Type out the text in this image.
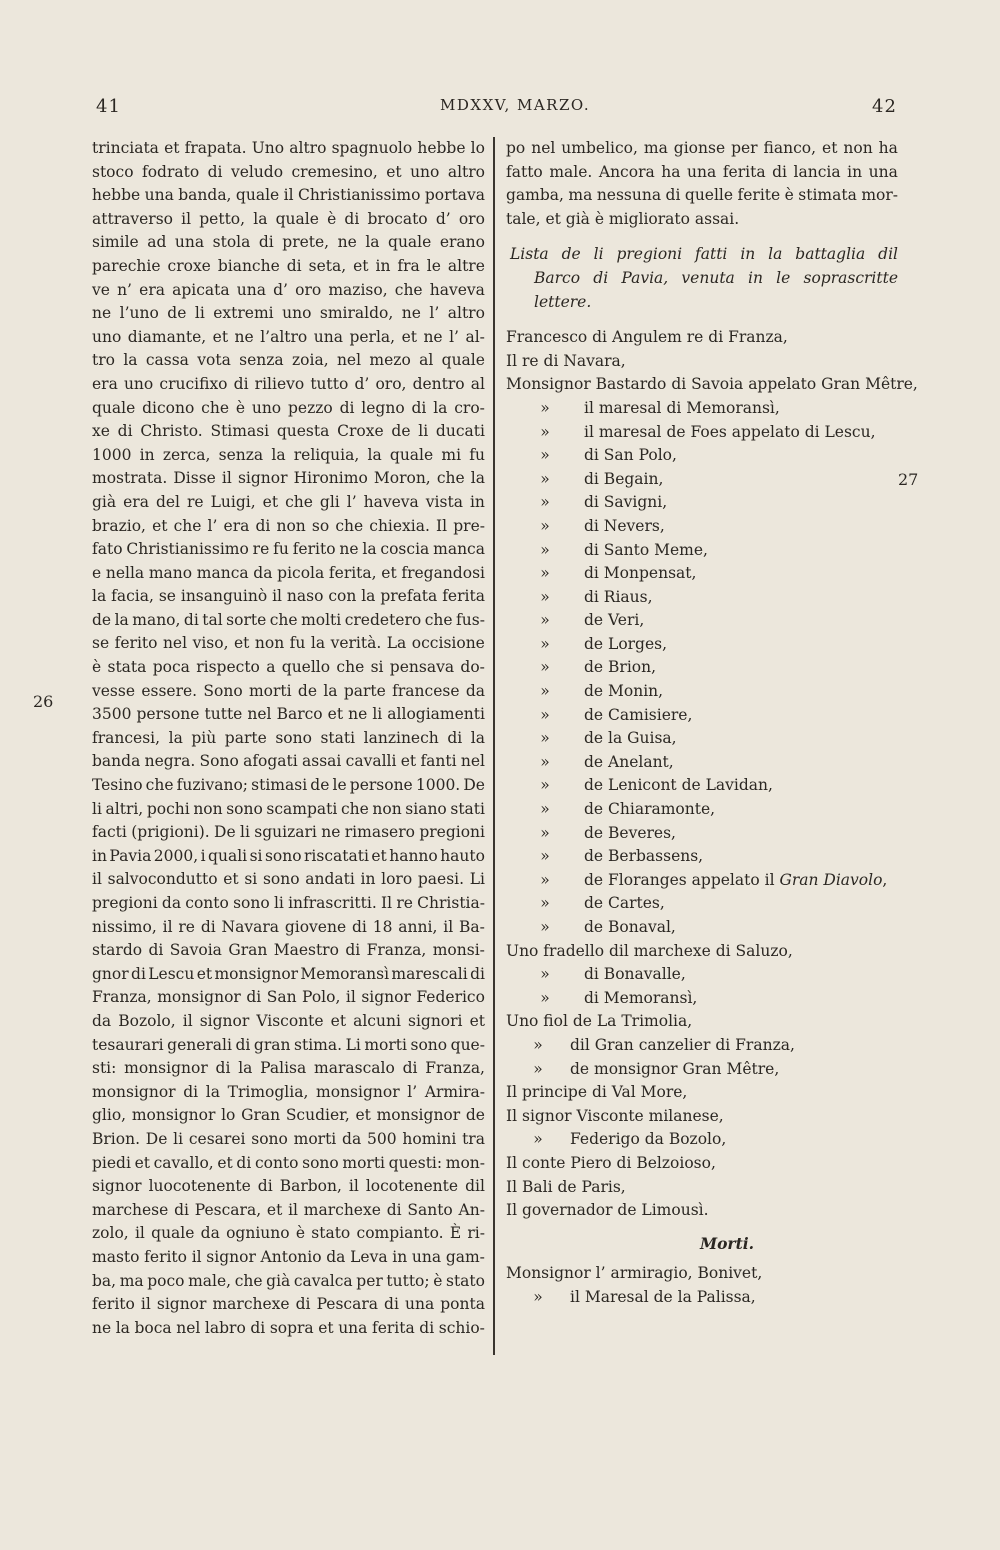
41	MDXXV, MARZO.	42
26
27
trinciata et frapata. Uno altro spagnuolo hebbe lo
stoco fodrato di veludo cremesino, et uno altro
hebbe una banda, quale il Christianissimo portava
attraverso il petto, la quale è di brocato d’ oro
simile ad una stola di prete, ne la quale erano
parechie croxe bianche di seta, et in fra le altre
ve n’ era apicata una d’ oro maziso, che haveva
ne l’uno de li extremi uno smiraldo, ne l’ altro
uno diamante, et ne l’altro una perla, et ne l’ al-
tro la cassa vota senza zoia, nel mezo al quale
era uno crucifixo di rilievo tutto d’ oro, dentro al
quale dicono che è uno pezzo di legno di la cro-
xe di Christo. Stimasi questa Croxe de li ducati
1000 in zerca, senza la reliquia, la quale mi fu
mostrata. Disse il signor Hironimo Moron, che la
già era del re Luigi, et che gli l’ haveva vista in
brazio, et che l’ era di non so che chiexia. Il pre-
fato Christianissimo re fu ferito ne la coscia manca
e nella mano manca da picola ferita, et fregandosi
la facia, se insanguinò il naso con la prefata ferita
de la mano, di tal sorte che molti credetero che fus-
se ferito nel viso, et non fu la verità. La occisione
è stata poca rispecto a quello che si pensava do-
vesse essere. Sono morti de la parte francese da
3500 persone tutte nel Barco et ne li allogiamenti
francesi, la più parte sono stati lanzinech di la
banda negra. Sono afogati assai cavalli et fanti nel
Tesino che fuzivano; stimasi de le persone 1000. De
li altri, pochi non sono scampati che non siano stati
facti (prigioni). De li sguizari ne rimasero pregioni
in Pavia 2000, i quali si sono riscatati et hanno hauto
il salvocondutto et si sono andati in loro paesi. Li
pregioni da conto sono li infrascritti. Il re Christia-
nissimo, il re di Navara giovene di 18 anni, il Ba-
stardo di Savoia Gran Maestro di Franza, monsi-
gnor di Lescu et monsignor Memoransì marescali di
Franza, monsignor di San Polo, il signor Federico
da Bozolo, il signor Visconte et alcuni signori et
tesaurari generali di gran stima. Li morti sono que-
sti: monsignor di la Palisa marascalo di Franza,
monsignor di la Trimoglia, monsignor l’ Armira-
glio, monsignor lo Gran Scudier, et monsignor de
Brion. De li cesarei sono morti da 500 homini tra
piedi et cavallo, et di conto sono morti questi: mon-
signor luocotenente di Barbon, il locotenente dil
marchese di Pescara, et il marchexe di Santo An-
zolo, il quale da ogniuno è stato compianto. È ri-
masto ferito il signor Antonio da Leva in una gam-
ba, ma poco male, che già cavalca per tutto; è stato
ferito il signor marchexe di Pescara di una ponta
ne la boca nel labro di sopra et una ferita di schio-
po nel umbelico, ma gionse per fianco, et non ha
fatto male. Ancora ha una ferita di lancia in una
gamba, ma nessuna di quelle ferite è stimata mor-
tale, et già è migliorato assai.
Lista de li pregioni fatti in la battaglia dil
Barco di Pavia, venuta in le soprascritte
lettere.
Francesco di Angulem re di Franza,
Il re di Navara,
Monsignor Bastardo di Savoia appelato Gran Mêtre,
»	il maresal di Memoransì,
»	il maresal de Foes appelato di Lescu,
»	di San Polo,
»	di Begain,
»	di Savigni,
»	di Nevers,
»	di Santo Meme,
»	di Monpensat,
»	di Riaus,
»	de Veri,
»	de Lorges,
»	de Brion,
»	de Monin,
»	de Camisiere,
»	de la Guisa,
»	de Anelant,
»	de Lenicont de Lavidan,
»	de Chiaramonte,
»	de Beveres,
»	de Berbassens,
»	de Floranges appelato il Gran Diavolo,
»	de Cartes,
»	de Bonaval,
Uno fradello dil marchexe di Saluzo,
»	di Bonavalle,
»	di Memoransì,
Uno fiol de La Trimolia,
»	dil Gran canzelier di Franza,
»	de monsignor Gran Mêtre,
Il principe di Val More,
Il signor Visconte milanese,
»	Federigo da Bozolo,
Il conte Piero di Belzoioso,
Il Bali de Paris,
Il governador de Limousì.
Morti.
Monsignor l’ armiragio, Bonivet,
»	il Maresal de la Palissa,
